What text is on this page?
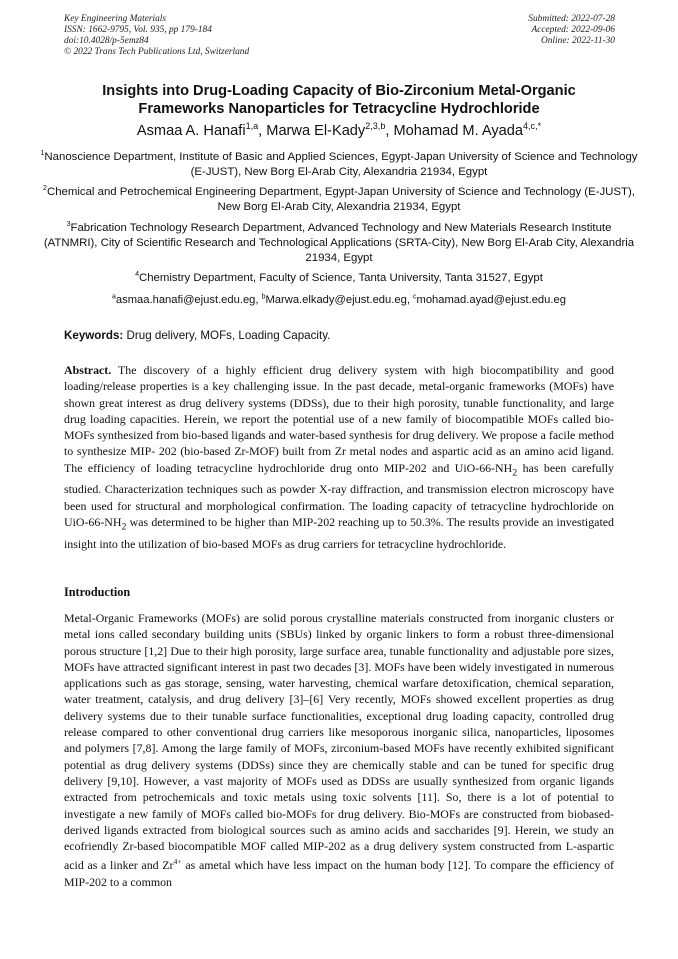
Key Engineering Materials
ISSN: 1662-9795, Vol. 935, pp 179-184
doi:10.4028/p-5emz84
© 2022 Trans Tech Publications Ltd, Switzerland
Submitted: 2022-07-28
Accepted: 2022-09-06
Online: 2022-11-30
Insights into Drug-Loading Capacity of Bio-Zirconium Metal-Organic
Frameworks Nanoparticles for Tetracycline Hydrochloride
Asmaa A. Hanafi$^{1,a}$, Marwa El-Kady$^{2,3,b}$, Mohamad M. Ayada$^{4,c,*}$
$^1$Nanoscience Department, Institute of Basic and Applied Sciences, Egypt-Japan University of Science and Technology (E-JUST), New Borg El-Arab City, Alexandria 21934, Egypt
$^2$Chemical and Petrochemical Engineering Department, Egypt-Japan University of Science and Technology (E-JUST), New Borg El-Arab City, Alexandria 21934, Egypt
$^3$Fabrication Technology Research Department, Advanced Technology and New Materials Research Institute (ATNMRI), City of Scientific Research and Technological Applications (SRTA-City), New Borg El-Arab City, Alexandria 21934, Egypt
$^4$Chemistry Department, Faculty of Science, Tanta University, Tanta 31527, Egypt
$^a$asmaa.hanafi@ejust.edu.eg, $^b$Marwa.elkady@ejust.edu.eg, $^c$mohamad.ayad@ejust.edu.eg
Keywords: Drug delivery, MOFs, Loading Capacity.
Abstract. The discovery of a highly efficient drug delivery system with high biocompatibility and good loading/release properties is a key challenging issue. In the past decade, metal-organic frameworks (MOFs) have shown great interest as drug delivery systems (DDSs), due to their high porosity, tunable functionality, and large drug loading capacities. Herein, we report the potential use of a new family of biocompatible MOFs called bio-MOFs synthesized from bio-based ligands and water-based synthesis for drug delivery. We propose a facile method to synthesize MIP- 202 (bio-based Zr-MOF) built from Zr metal nodes and aspartic acid as an amino acid ligand. The efficiency of loading tetracycline hydrochloride drug onto MIP-202 and UiO-$66-NH_2$ has been carefully studied. Characterization techniques such as powder X-ray diffraction, and transmission electron microscopy have been used for structural and morphological confirmation. The loading capacity of tetracycline hydrochloride on UiO-$66-NH_2$ was determined to be higher than MIP-202 reaching up to 50.3%. The results provide an investigated insight into the utilization of bio-based MOFs as drug carriers for tetracycline hydrochloride.
Introduction
Metal-Organic Frameworks (MOFs) are solid porous crystalline materials constructed from inorganic clusters or metal ions called secondary building units (SBUs) linked by organic linkers to form a robust three-dimensional porous structure [1,2] Due to their high porosity, large surface area, tunable functionality and adjustable pore sizes, MOFs have attracted significant interest in past two decades [3]. MOFs have been widely investigated in numerous applications such as gas storage, sensing, water harvesting, chemical warfare detoxification, chemical separation, water treatment, catalysis, and drug delivery [3]–[6] Very recently, MOFs showed excellent properties as drug delivery systems due to their tunable surface functionalities, exceptional drug loading capacity, controlled drug release compared to other conventional drug carriers like mesoporous inorganic silica, nanoparticles, liposomes and polymers [7,8]. Among the large family of MOFs, zirconium-based MOFs have recently exhibited significant potential as drug delivery systems (DDSs) since they are chemically stable and can be tuned for specific drug delivery [9,10]. However, a vast majority of MOFs used as DDSs are usually synthesized from organic ligands extracted from petrochemicals and toxic metals using toxic solvents [11]. So, there is a lot of potential to investigate a new family of MOFs called bio-MOFs for drug delivery. Bio-MOFs are constructed from biobased-derived ligands extracted from biological sources such as amino acids and saccharides [9]. Herein, we study an ecofriendly Zr-based biocompatible MOF called MIP-202 as a drug delivery system constructed from L-aspartic acid as a linker and $Zr^{4+}$ as ametal which have less impact on the human body [12]. To compare the efficiency of MIP-202 to a common
